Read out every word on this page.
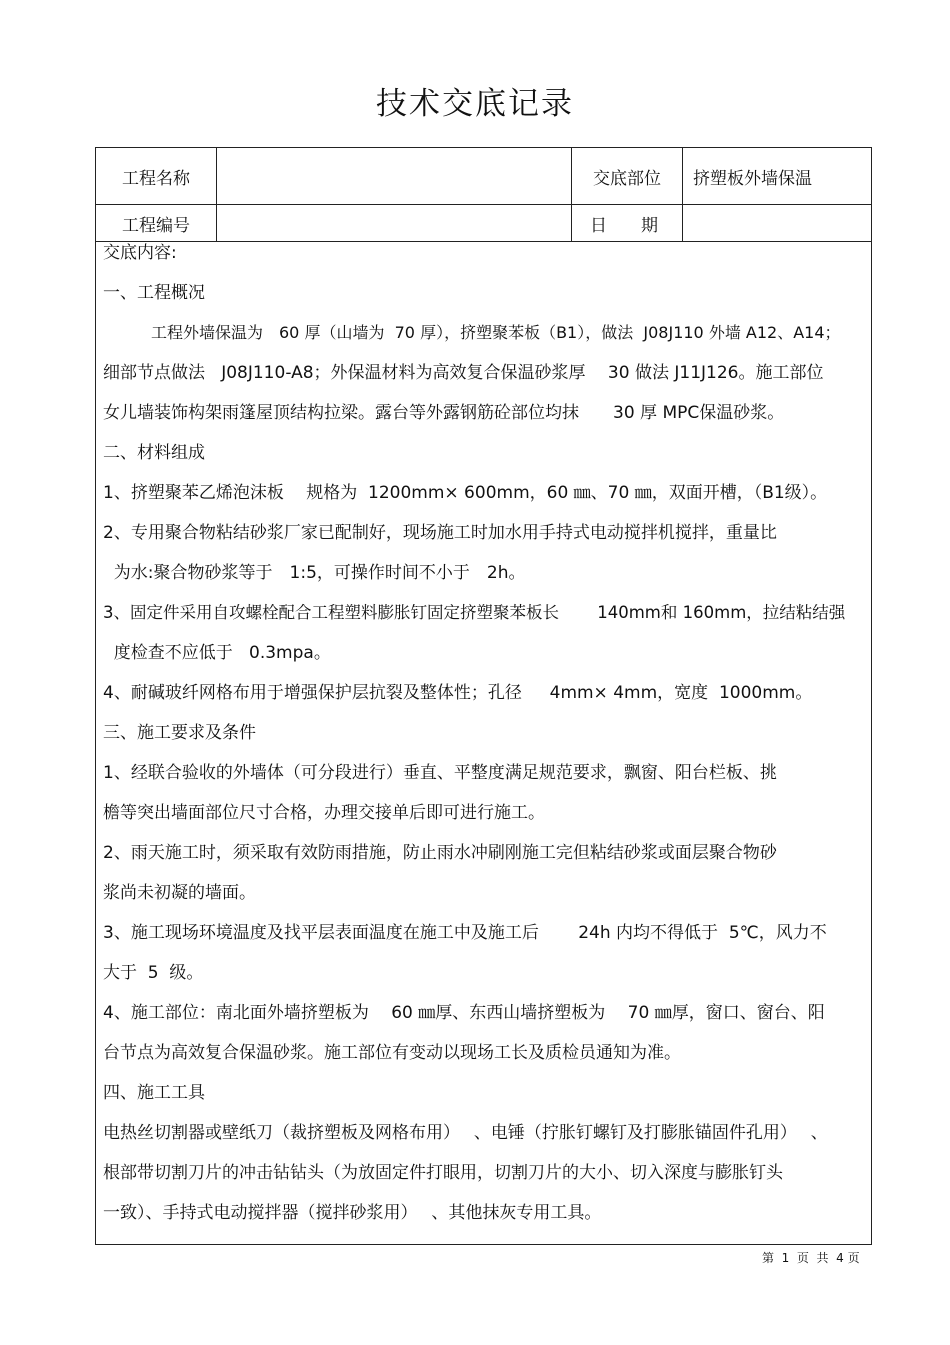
技术交底记录
工程名称	交底部位	挤塑板外墙保温
工程编号	日　　期
交底内容:
一、工程概况
　　　工程外墙保温为　60 厚（山墙为  70 厚），挤塑聚苯板（B1），做法  J08J110 外墙 A12、A14；
细部节点做法   J08J110-A8；外保温材料为高效复合保温砂浆厚　 30 做法 J11J126。施工部位
女儿墙装饰构架雨篷屋顶结构拉梁。露台等外露钢筋砼部位均抹　　30 厚 MPC保温砂浆。
二、材料组成
1、挤塑聚苯乙烯泡沫板　 规格为  1200mm× 600mm，60 ㎜、70 ㎜，双面开槽，（B1级）。
2、专用聚合物粘结砂浆厂家已配制好，现场施工时加水用手持式电动搅拌机搅拌，重量比
为水:聚合物砂浆等于　1:5，可操作时间不小于　2h。
3、固定件采用自攻螺栓配合工程塑料膨胀钉固定挤塑聚苯板长　　 140mm和 160mm，拉结粘结强
度检查不应低于   0.3mpa。
4、耐碱玻纤网格布用于增强保护层抗裂及整体性；孔径　  4mm× 4mm，宽度  1000mm。
三、施工要求及条件
1、经联合验收的外墙体（可分段进行）垂直、平整度满足规范要求，飘窗、阳台栏板、挑
檐等突出墙面部位尺寸合格，办理交接单后即可进行施工。
2、雨天施工时，须采取有效防雨措施，防止雨水冲刷刚施工完但粘结砂浆或面层聚合物砂
浆尚未初凝的墙面。
3、施工现场环境温度及找平层表面温度在施工中及施工后　　 24h 内均不得低于  5℃，风力不
大于  5  级。
4、施工部位：南北面外墙挤塑板为　 60 ㎜厚、东西山墙挤塑板为　 70 ㎜厚，窗口、窗台、阳
台节点为高效复合保温砂浆。施工部位有变动以现场工长及质检员通知为准。
四、施工工具
电热丝切割器或壁纸刀（裁挤塑板及网格布用）　 、电锤（拧胀钉螺钉及打膨胀锚固件孔用）　 、
根部带切割刀片的冲击钻钻头（为放固定件打眼用，切割刀片的大小、切入深度与膨胀钉头
一致）、手持式电动搅拌器（搅拌砂浆用）　 、其他抹灰专用工具。
第  1  页  共  4 页
